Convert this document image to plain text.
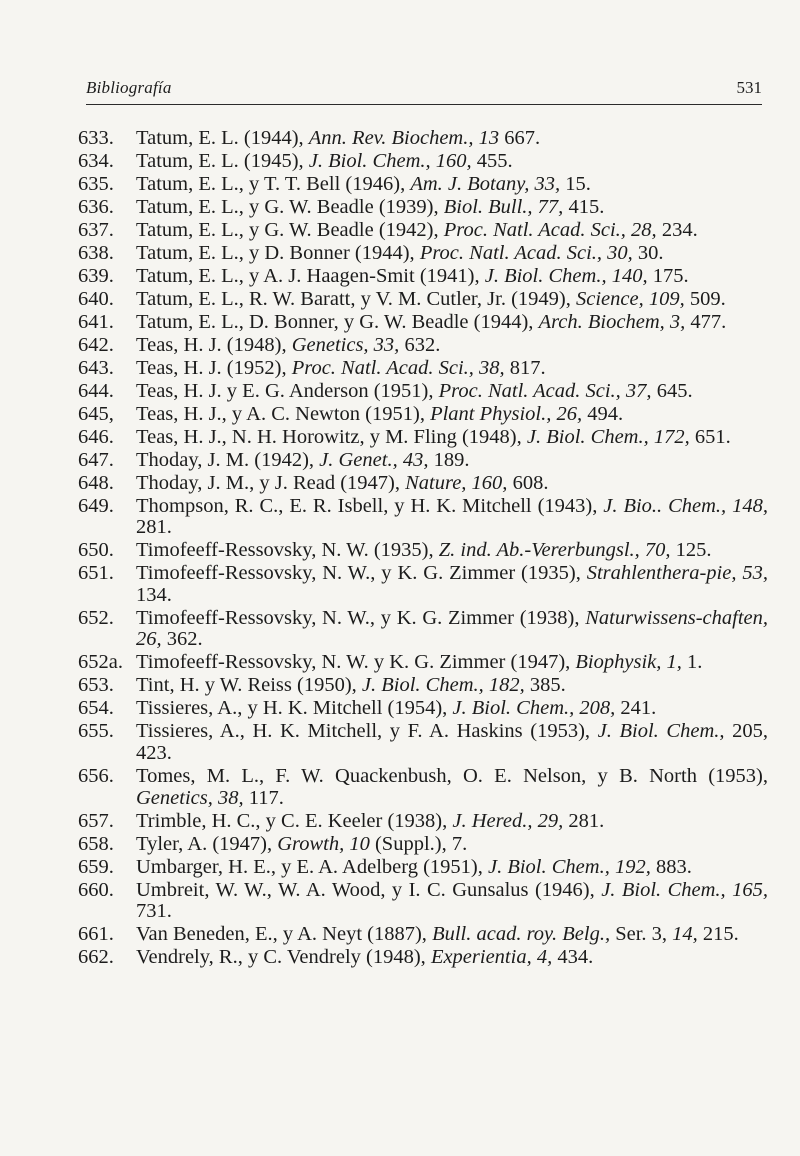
Bibliografía	531
633.	Tatum, E. L. (1944), Ann. Rev. Biochem., 13 667.
634.	Tatum, E. L. (1945), J. Biol. Chem., 160, 455.
635.	Tatum, E. L., y T. T. Bell (1946), Am. J. Botany, 33, 15.
636.	Tatum, E. L., y G. W. Beadle (1939), Biol. Bull., 77, 415.
637.	Tatum, E. L., y G. W. Beadle (1942), Proc. Natl. Acad. Sci., 28, 234.
638.	Tatum, E. L., y D. Bonner (1944), Proc. Natl. Acad. Sci., 30, 30.
639.	Tatum, E. L., y A. J. Haagen-Smit (1941), J. Biol. Chem., 140, 175.
640.	Tatum, E. L., R. W. Baratt, y V. M. Cutler, Jr. (1949), Science, 109, 509.
641.	Tatum, E. L., D. Bonner, y G. W. Beadle (1944), Arch. Biochem, 3, 477.
642.	Teas, H. J. (1948), Genetics, 33, 632.
643.	Teas, H. J. (1952), Proc. Natl. Acad. Sci., 38, 817.
644.	Teas, H. J. y E. G. Anderson (1951), Proc. Natl. Acad. Sci., 37, 645.
645,	Teas, H. J., y A. C. Newton (1951), Plant Physiol., 26, 494.
646.	Teas, H. J., N. H. Horowitz, y M. Fling (1948), J. Biol. Chem., 172, 651.
647.	Thoday, J. M. (1942), J. Genet., 43, 189.
648.	Thoday, J. M., y J. Read (1947), Nature, 160, 608.
649.	Thompson, R. C., E. R. Isbell, y H. K. Mitchell (1943), J. Bio.. Chem., 148, 281.
650.	Timofeeff-Ressovsky, N. W. (1935), Z. ind. Ab.-Vererbungsl., 70, 125.
651.	Timofeeff-Ressovsky, N. W., y K. G. Zimmer (1935), Strahlenthera-pie, 53, 134.
652.	Timofeeff-Ressovsky, N. W., y K. G. Zimmer (1938), Naturwissens-chaften, 26, 362.
652a. Timofeeff-Ressovsky, N. W. y K. G. Zimmer (1947), Biophysik, 1, 1.
653.	Tint, H. y W. Reiss (1950), J. Biol. Chem., 182, 385.
654.	Tissieres, A., y H. K. Mitchell (1954), J. Biol. Chem., 208, 241.
655.	Tissieres, A., H. K. Mitchell, y F. A. Haskins (1953), J. Biol. Chem., 205, 423.
656.	Tomes, M. L., F. W. Quackenbush, O. E. Nelson, y B. North (1953), Genetics, 38, 117.
657.	Trimble, H. C., y C. E. Keeler (1938), J. Hered., 29, 281.
658.	Tyler, A. (1947), Growth, 10 (Suppl.), 7.
659.	Umbarger, H. E., y E. A. Adelberg (1951), J. Biol. Chem., 192, 883.
660.	Umbreit, W. W., W. A. Wood, y I. C. Gunsalus (1946), J. Biol. Chem., 165, 731.
661.	Van Beneden, E., y A. Neyt (1887), Bull. acad. roy. Belg., Ser. 3, 14, 215.
662.	Vendrely, R., y C. Vendrely (1948), Experientia, 4, 434.
